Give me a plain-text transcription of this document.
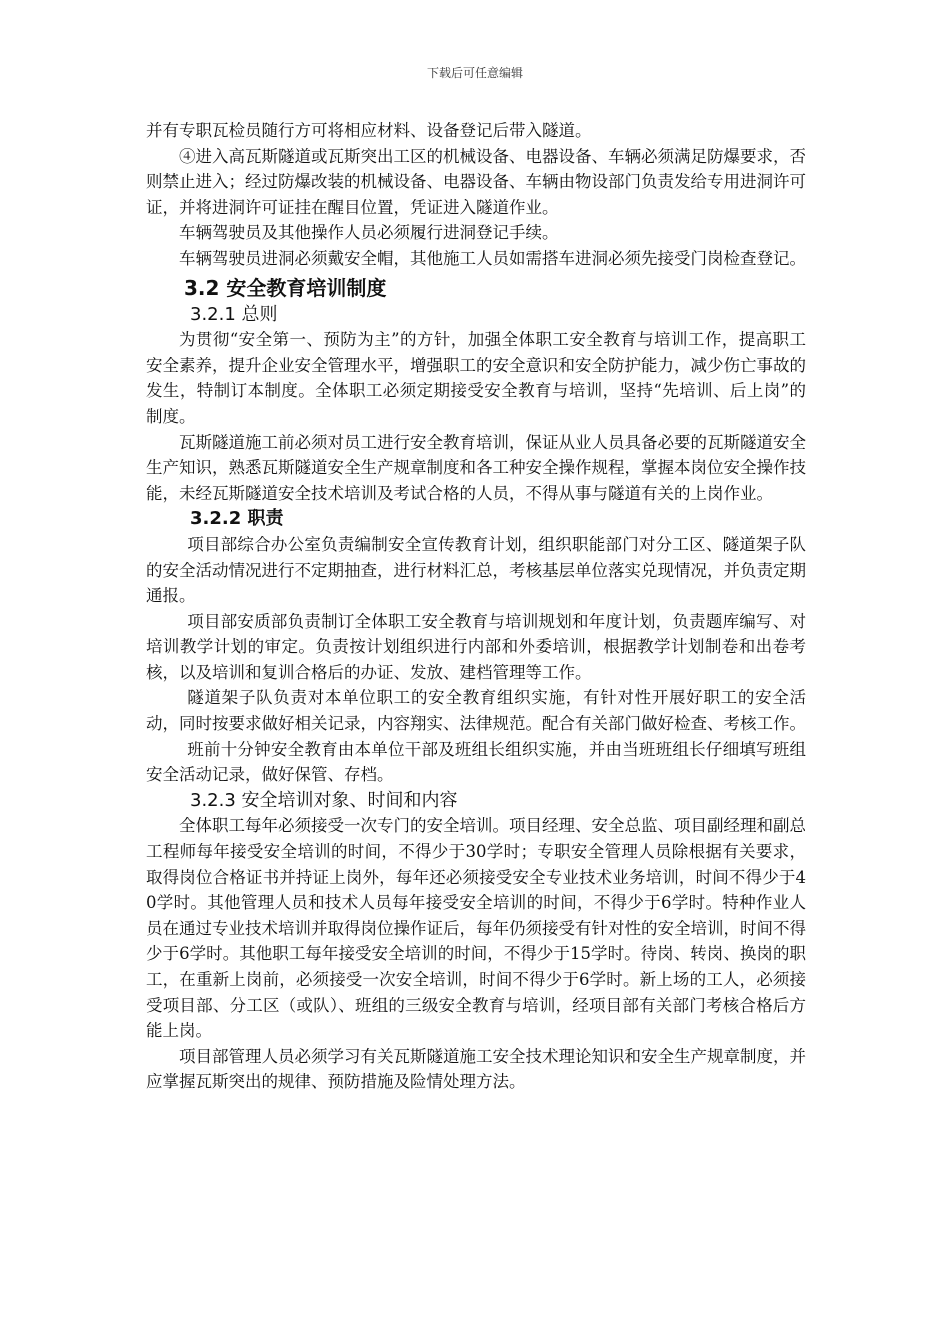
下载后可任意编辑

并有专职瓦检员随行方可将相应材料、设备登记后带入隧道。

④进入高瓦斯隧道或瓦斯突出工区的机械设备、电器设备、车辆必须满足防爆要求，否则禁止进入；经过防爆改装的机械设备、电器设备、车辆由物设部门负责发给专用进洞许可证，并将进洞许可证挂在醒目位置，凭证进入隧道作业。

车辆驾驶员及其他操作人员必须履行进洞登记手续。

车辆驾驶员进洞必须戴安全帽，其他施工人员如需搭车进洞必须先接受门岗检查登记。

3.2 安全教育培训制度
3.2.1 总则

为贯彻“安全第一、预防为主”的方针，加强全体职工安全教育与培训工作，提高职工安全素养，提升企业安全管理水平，增强职工的安全意识和安全防护能力，减少伤亡事故的发生，特制订本制度。全体职工必须定期接受安全教育与培训，坚持“先培训、后上岗”的制度。

瓦斯隧道施工前必须对员工进行安全教育培训，保证从业人员具备必要的瓦斯隧道安全生产知识，熟悉瓦斯隧道安全生产规章制度和各工种安全操作规程，掌握本岗位安全操作技能，未经瓦斯隧道安全技术培训及考试合格的人员，不得从事与隧道有关的上岗作业。

3.2.2 职责

项目部综合办公室负责编制安全宣传教育计划，组织职能部门对分工区、隧道架子队的安全活动情况进行不定期抽查，进行材料汇总，考核基层单位落实兑现情况，并负责定期通报。

项目部安质部负责制订全体职工安全教育与培训规划和年度计划，负责题库编写、对培训教学计划的审定。负责按计划组织进行内部和外委培训，根据教学计划制卷和出卷考核，以及培训和复训合格后的办证、发放、建档管理等工作。

隧道架子队负责对本单位职工的安全教育组织实施，有针对性开展好职工的安全活动，同时按要求做好相关记录，内容翔实、法律规范。配合有关部门做好检查、考核工作。

班前十分钟安全教育由本单位干部及班组长组织实施，并由当班班组长仔细填写班组安全活动记录，做好保管、存档。

3.2.3 安全培训对象、时间和内容

全体职工每年必须接受一次专门的安全培训。项目经理、安全总监、项目副经理和副总工程师每年接受安全培训的时间，不得少于30学时；专职安全管理人员除根据有关要求，取得岗位合格证书并持证上岗外，每年还必须接受安全专业技术业务培训，时间不得少于40学时。其他管理人员和技术人员每年接受安全培训的时间，不得少于6学时。特种作业人员在通过专业技术培训并取得岗位操作证后，每年仍须接受有针对性的安全培训，时间不得少于6学时。其他职工每年接受安全培训的时间，不得少于15学时。待岗、转岗、换岗的职工，在重新上岗前，必须接受一次安全培训，时间不得少于6学时。新上场的工人，必须接受项目部、分工区（或队）、班组的三级安全教育与培训，经项目部有关部门考核合格后方能上岗。

项目部管理人员必须学习有关瓦斯隧道施工安全技术理论知识和安全生产规章制度，并应掌握瓦斯突出的规律、预防措施及险情处理方法。
